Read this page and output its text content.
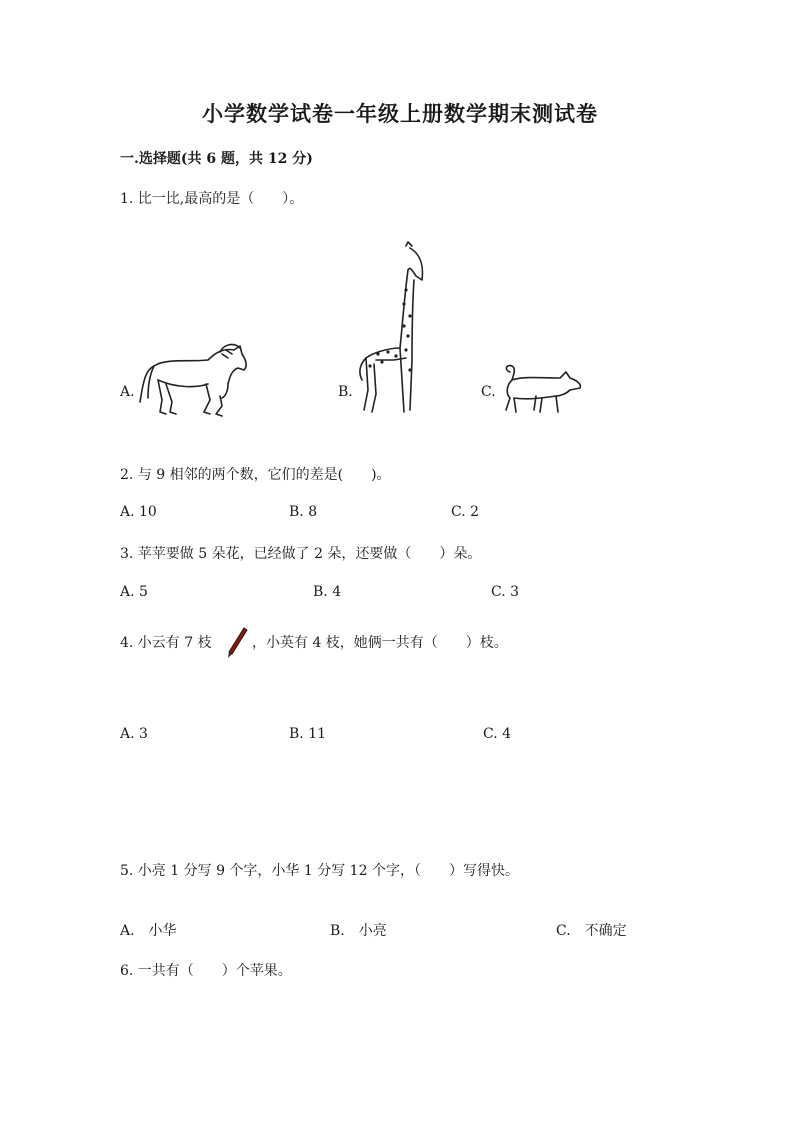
小学数学试卷一年级上册数学期末测试卷
一.选择题(共 6 题，共 12 分)
1. 比一比,最高的是（　　）。
A.	B.	C.
2. 与 9 相邻的两个数，它们的差是(　　)。
A. 10	B. 8	C. 2
3. 苹苹要做 5 朵花，已经做了 2 朵，还要做（　　）朵。
A. 5	B. 4	C. 3
4. 小云有 7 枝	，小英有 4 枝，她俩一共有（　　）枝。
A. 3	B. 11	C. 4
5. 小亮 1 分写 9 个字，小华 1 分写 12 个字，（　　）写得快。
A.　小华	B.　小亮	C.　不确定
6. 一共有（　　）个苹果。
